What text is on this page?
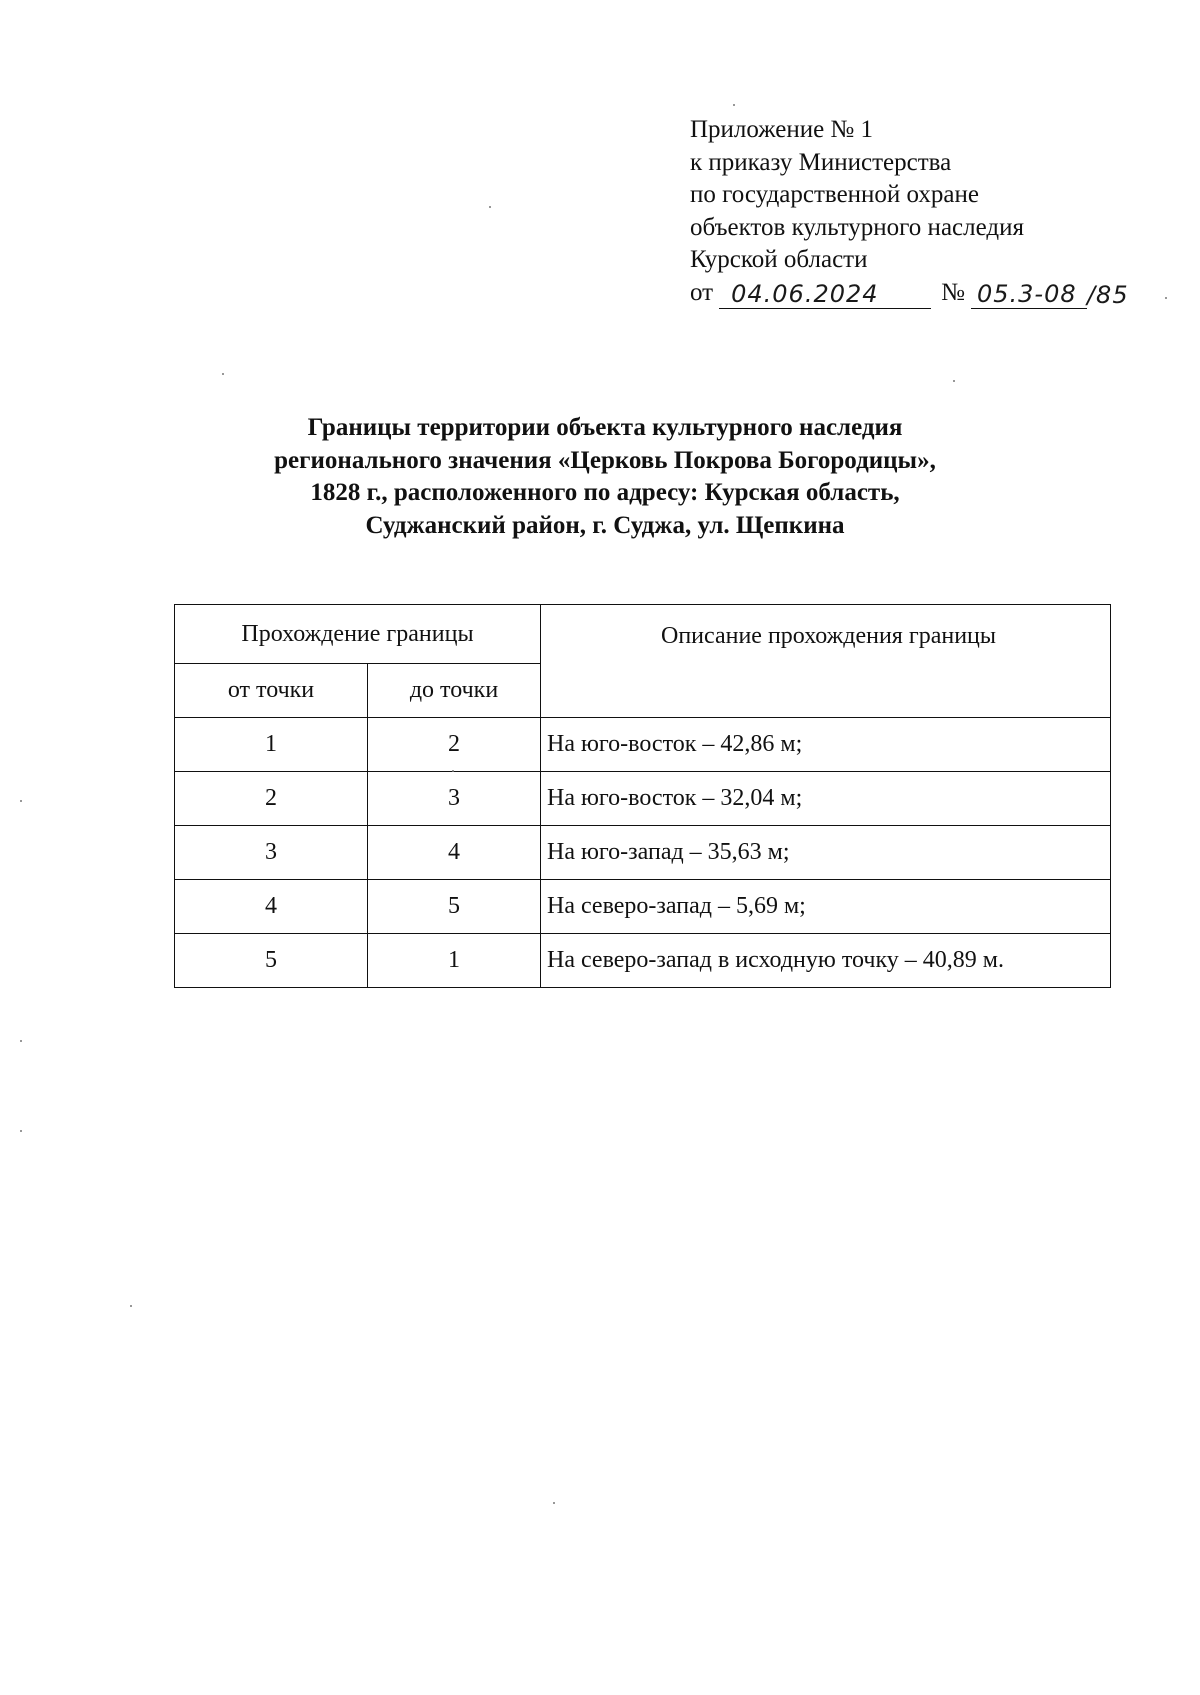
Приложение № 1
к приказу Министерства
по государственной охране
объектов культурного наследия
Курской области
от 04.06.2024	№ 05.3-08 /85
Границы территории объекта культурного наследия
регионального значения «Церковь Покрова Богородицы»,
1828 г., расположенного по адресу: Курская область,
Суджанский район, г. Суджа, ул. Щепкина
Прохождение границы		Описание прохождения границы
от точки	до точки	
1	2	На юго-восток – 42,86 м;
2	3	На юго-восток – 32,04 м;
3	4	На юго-запад – 35,63 м;
4	5	На северо-запад – 5,69 м;
5	1	На северо-запад в исходную точку – 40,89 м.
